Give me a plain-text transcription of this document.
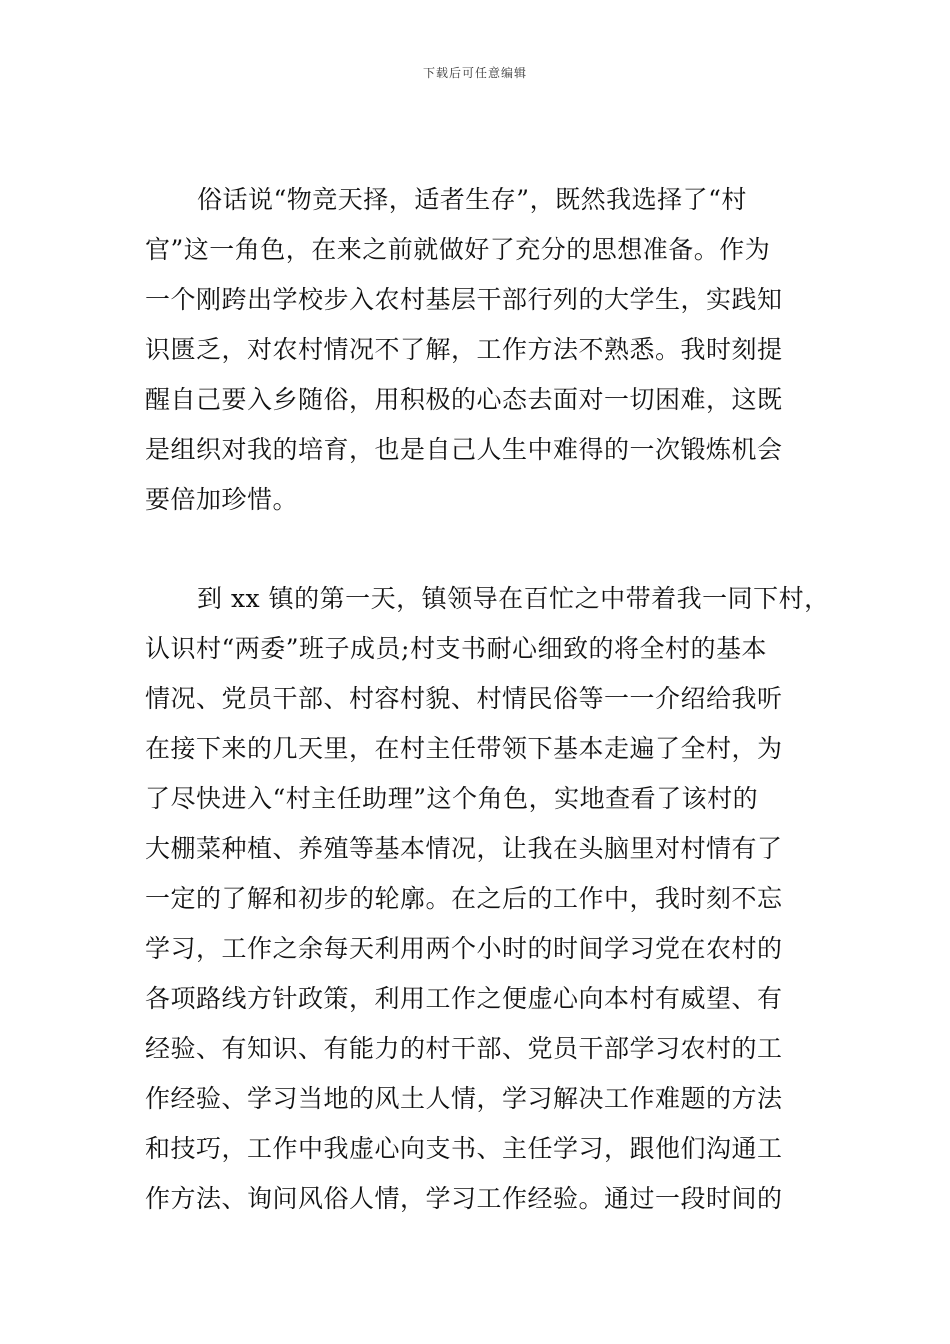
下载后可任意编辑
俗话说“物竞天择，适者生存”，既然我选择了“村
官”这一角色，在来之前就做好了充分的思想准备。作为
一个刚跨出学校步入农村基层干部行列的大学生，实践知
识匮乏，对农村情况不了解，工作方法不熟悉。我时刻提
醒自己要入乡随俗，用积极的心态去面对一切困难，这既
是组织对我的培育，也是自己人生中难得的一次锻炼机会
要倍加珍惜。
到 xx 镇的第一天，镇领导在百忙之中带着我一同下村，
认识村“两委”班子成员;村支书耐心细致的将全村的基本
情况、党员干部、村容村貌、村情民俗等一一介绍给我听
在接下来的几天里，在村主任带领下基本走遍了全村，为
了尽快进入“村主任助理”这个角色，实地查看了该村的
大棚菜种植、养殖等基本情况，让我在头脑里对村情有了
一定的了解和初步的轮廓。在之后的工作中，我时刻不忘
学习，工作之余每天利用两个小时的时间学习党在农村的
各项路线方针政策，利用工作之便虚心向本村有威望、有
经验、有知识、有能力的村干部、党员干部学习农村的工
作经验、学习当地的风土人情，学习解决工作难题的方法
和技巧，工作中我虚心向支书、主任学习，跟他们沟通工
作方法、询问风俗人情，学习工作经验。通过一段时间的
